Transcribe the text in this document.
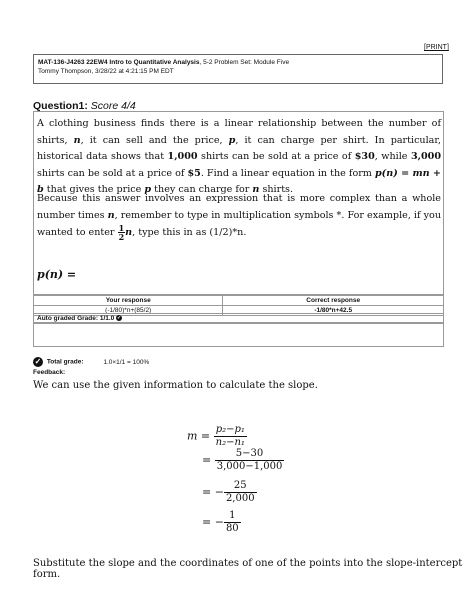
[PRINT]
MAT-136-J4263 22EW4 Intro to Quantitative Analysis, 5-2 Problem Set: Module Five
Tommy Thompson, 3/28/22 at 4:21:15 PM EDT
Question1: Score 4/4
A clothing business finds there is a linear relationship between the number of shirts, n, it can sell and the price, p, it can charge per shirt. In particular, historical data shows that 1,000 shirts can be sold at a price of $30, while 3,000 shirts can be sold at a price of $5. Find a linear equation in the form p(n) = mn + b that gives the price p they can charge for n shirts.
Because this answer involves an expression that is more complex than a whole number times n, remember to type in multiplication symbols *. For example, if you wanted to enter $\frac{1}{2}n$, type this in as (1/2)*n.
p(n) =
Your response	Correct response
(-1/80)*n+(85/2)	-1/80*n+42.5
Auto graded Grade: 1/1.0 ✓
✓ Total grade:	1.0×1/1 = 100%
Feedback:
We can use the given information to calculate the slope.
$m = \frac{\text{p₂−p₁}}{\text{n₂−n₁}}$
= $\frac{5-30}{3,000-1,000}$
= − $\frac{25}{2,000}$
= − $\frac{1}{80}$
Substitute the slope and the coordinates of one of the points into the slope-intercept form.
